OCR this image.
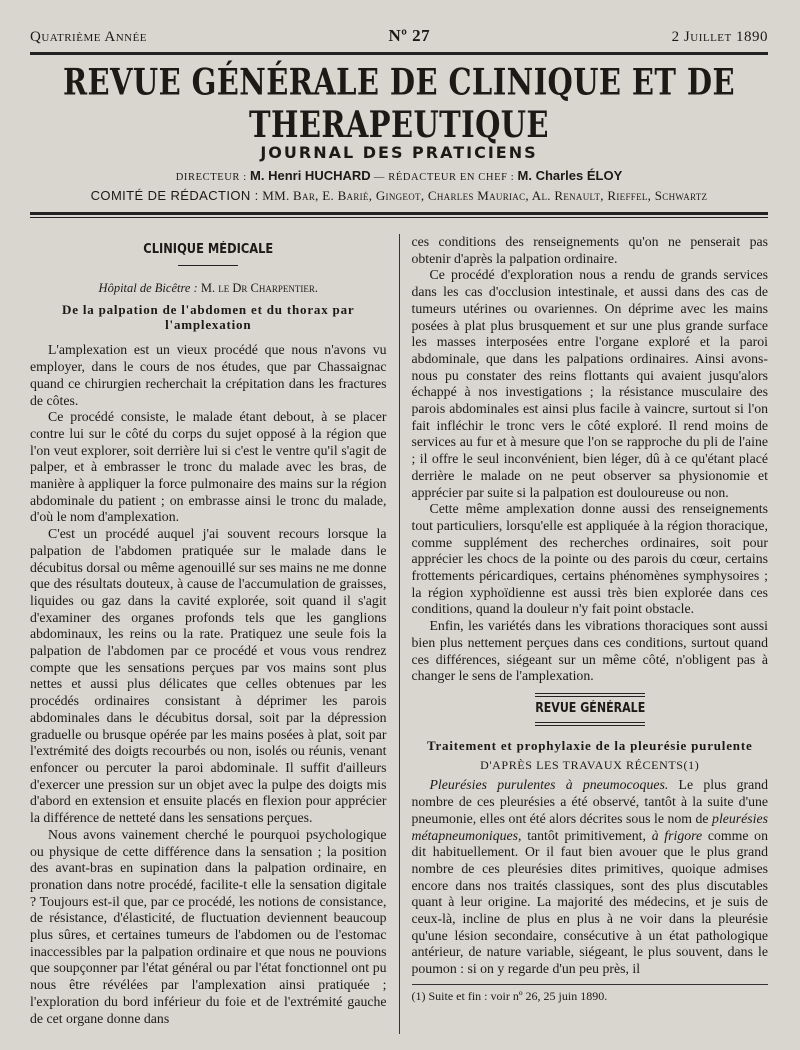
Quatrième Année	Nº 27	2 Juillet 1890
REVUE GÉNÉRALE DE CLINIQUE ET DE THERAPEUTIQUE
JOURNAL DES PRATICIENS
DIRECTEUR : M. Henri HUCHARD — RÉDACTEUR EN CHEF : M. Charles ÉLOY
COMITÉ DE RÉDACTION : MM. Bar, E. Barié, Gingeot, Charles Mauriac, Al. Renault, Rieffel, Schwartz
CLINIQUE MÉDICALE
Hôpital de Bicêtre : M. le Dr Charpentier.
De la palpation de l'abdomen et du thorax par l'amplexation

L'amplexation est un vieux procédé que nous n'avons vu employer, dans le cours de nos études, que par Chassaignac quand ce chirurgien recherchait la crépitation dans les fractures de côtes.

Ce procédé consiste, le malade étant debout, à se placer contre lui sur le côté du corps du sujet opposé à la région que l'on veut explorer, soit derrière lui si c'est le ventre qu'il s'agit de palper, et à embrasser le tronc du malade avec les bras, de manière à appliquer la force pulmonaire des mains sur la région abdominale du patient ; on embrasse ainsi le tronc du malade, d'où le nom d'amplexation.

C'est un procédé auquel j'ai souvent recours lorsque la palpation de l'abdomen pratiquée sur le malade dans le décubitus dorsal ou même agenouillé sur ses mains ne me donne que des résultats douteux, à cause de l'accumulation de graisses, liquides ou gaz dans la cavité explorée, soit quand il s'agit d'examiner des organes profonds tels que les ganglions abdominaux, les reins ou la rate. Pratiquez une seule fois la palpation de l'abdomen par ce procédé et vous vous rendrez compte que les sensations perçues par vos mains sont plus nettes et aussi plus délicates que celles obtenues par les procédés ordinaires consistant à déprimer les parois abdominales dans le décubitus dorsal, soit par la dépression graduelle ou brusque opérée par les mains posées à plat, soit par l'extrémité des doigts recourbés ou non, isolés ou réunis, venant enfoncer ou percuter la paroi abdominale. Il suffit d'ailleurs d'exercer une pression sur un objet avec la pulpe des doigts mis d'abord en extension et ensuite placés en flexion pour apprécier la différence de netteté dans les sensations perçues.

Nous avons vainement cherché le pourquoi psychologique ou physique de cette différence dans la sensation ; la position des avant-bras en supination dans la palpation ordinaire, en pronation dans notre procédé, facilite-t elle la sensation digitale ? Toujours est-il que, par ce procédé, les notions de consistance, de résistance, d'élasticité, de fluctuation deviennent beaucoup plus sûres, et certaines tumeurs de l'abdomen ou de l'estomac inaccessibles par la palpation ordinaire et que nous ne pouvions que soupçonner par l'état général ou par l'état fonctionnel ont pu nous être révélées par l'amplexation ainsi pratiquée ; l'exploration du bord inférieur du foie et de l'extrémité gauche de cet organe donne dans

ces conditions des renseignements qu'on ne penserait pas obtenir d'après la palpation ordinaire.

Ce procédé d'exploration nous a rendu de grands services dans les cas d'occlusion intestinale, et aussi dans des cas de tumeurs utérines ou ovariennes. On déprime avec les mains posées à plat plus brusquement et sur une plus grande surface les masses interposées entre l'organe exploré et la paroi abdominale, que dans les palpations ordinaires. Ainsi avons-nous pu constater des reins flottants qui avaient jusqu'alors échappé à nos investigations ; la résistance musculaire des parois abdominales est ainsi plus facile à vaincre, surtout si l'on fait infléchir le tronc vers le côté exploré. Il rend moins de services au fur et à mesure que l'on se rapproche du pli de l'aine ; il offre le seul inconvénient, bien léger, dû à ce qu'étant placé derrière le malade on ne peut observer sa physionomie et apprécier par suite si la palpation est douloureuse ou non.

Cette même amplexation donne aussi des renseignements tout particuliers, lorsqu'elle est appliquée à la région thoracique, comme supplément des recherches ordinaires, soit pour apprécier les chocs de la pointe ou des parois du cœur, certains frottements péricardiques, certains phénomènes symphysoires ; la région xyphoïdienne est aussi très bien explorée dans ces conditions, quand la douleur n'y fait point obstacle.

Enfin, les variétés dans les vibrations thoraciques sont aussi bien plus nettement perçues dans ces conditions, surtout quand ces différences, siégeant sur un même côté, n'obligent pas à changer le sens de l'amplexation.

REVUE GÉNÉRALE
Traitement et prophylaxie de la pleurésie purulente
D'APRÈS LES TRAVAUX RÉCENTS(1)

Pleurésies purulentes à pneumocoques. Le plus grand nombre de ces pleurésies a été observé, tantôt à la suite d'une pneumonie, elles ont été alors décrites sous le nom de pleurésies métapneumoniques, tantôt primitivement, à frigore comme on dit habituellement. Or il faut bien avouer que le plus grand nombre de ces pleurésies dites primitives, quoique admises encore dans nos traités classiques, sont des plus discutables quant à leur origine. La majorité des médecins, et je suis de ceux-là, incline de plus en plus à ne voir dans la pleurésie qu'une lésion secondaire, consécutive à un état pathologique antérieur, de nature variable, siégeant, le plus souvent, dans le poumon : si on y regarde d'un peu près, il

(1) Suite et fin : voir nº 26, 25 juin 1890.
